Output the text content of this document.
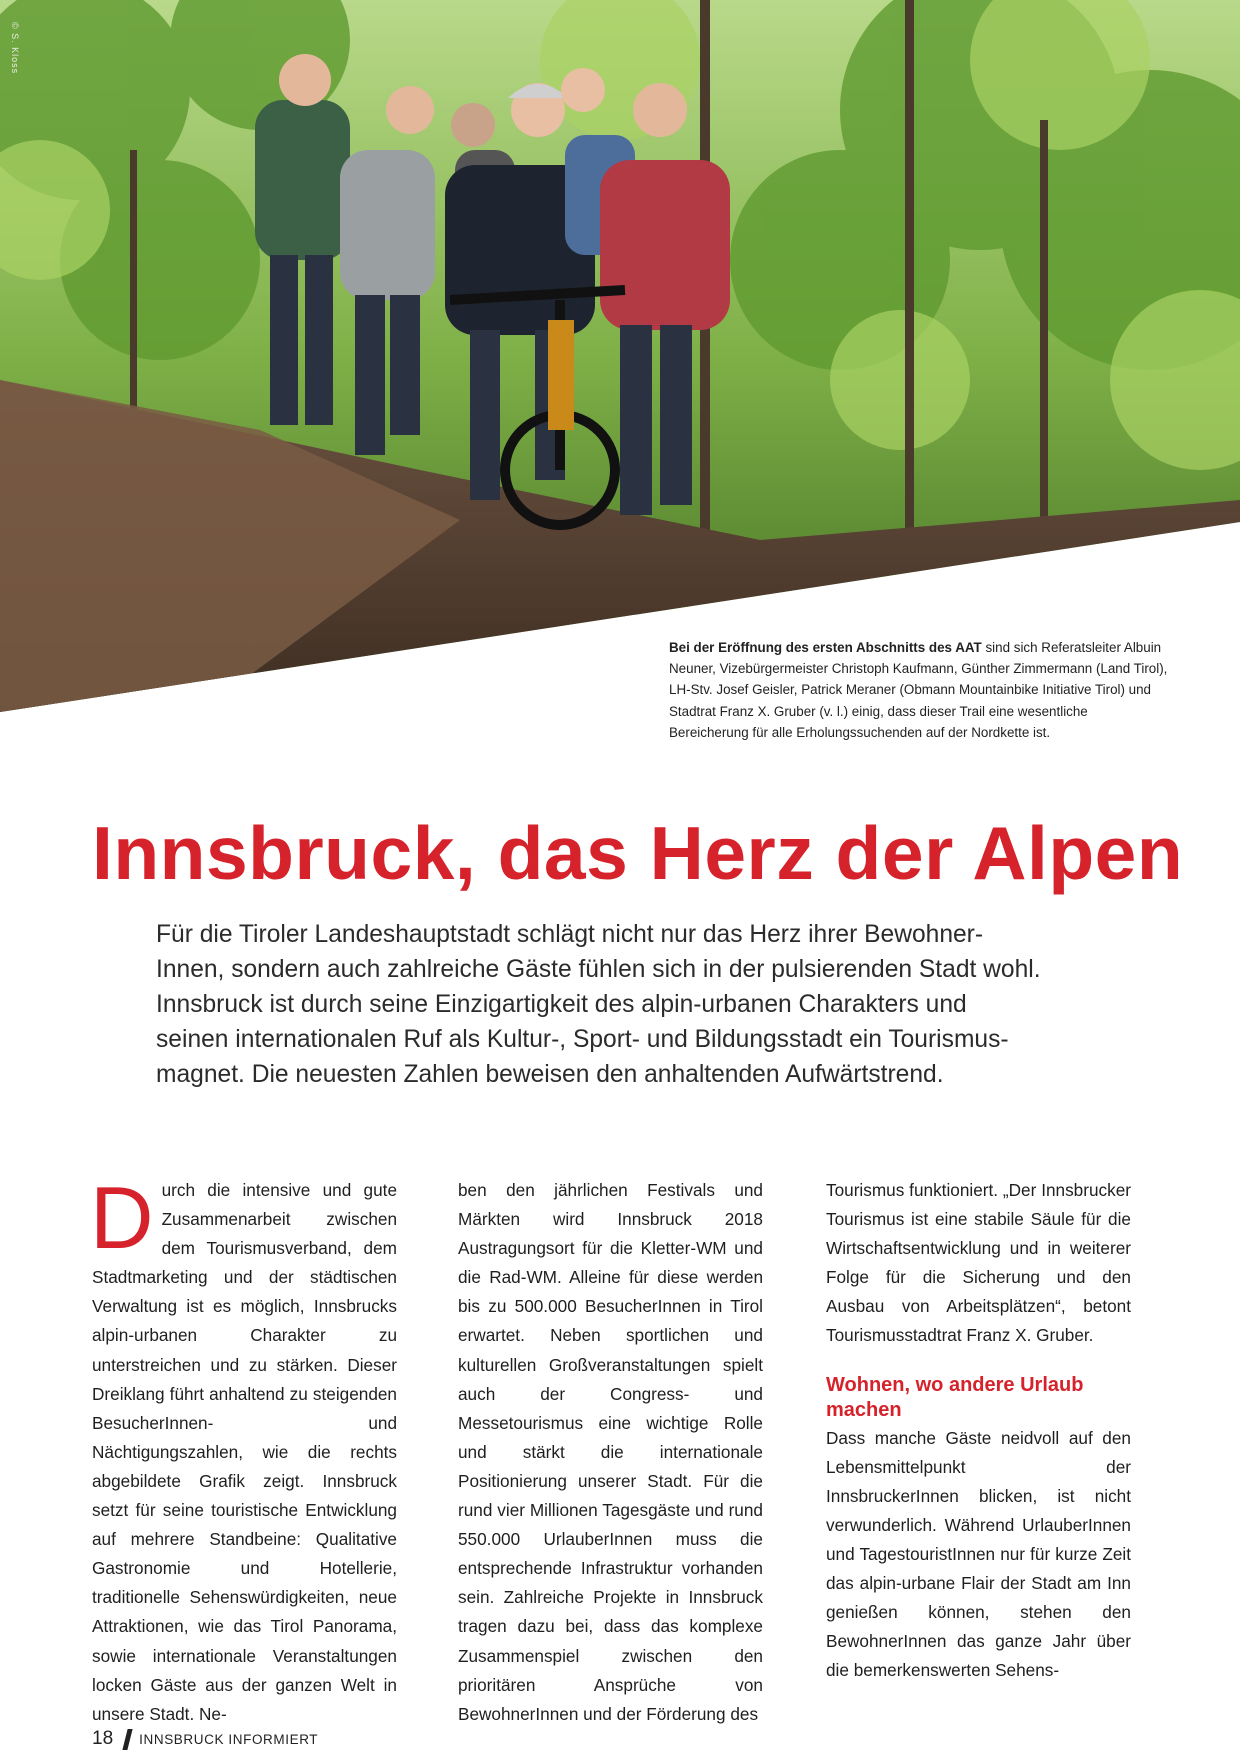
© S. Kloss
Bei der Eröffnung des ersten Abschnitts des AAT sind sich Referatsleiter Albuin Neuner, Vizebürgermeister Christoph Kaufmann, Günther Zimmermann (Land Tirol), LH-Stv. Josef Geisler, Patrick Meraner (Obmann Mountainbike Initiative Tirol) und Stadtrat Franz X. Gruber (v. l.) einig, dass dieser Trail eine wesentliche Bereicherung für alle Erholungssuchenden auf der Nordkette ist.
Innsbruck, das Herz der Alpen

Für die Tiroler Landeshauptstadt schlägt nicht nur das Herz ihrer Bewohner-
Innen, sondern auch zahlreiche Gäste fühlen sich in der pulsierenden Stadt wohl.
Innsbruck ist durch seine Einzigartigkeit des alpin-urbanen Charakters und
seinen internationalen Ruf als Kultur-, Sport- und Bildungsstadt ein Tourismus-
magnet. Die neuesten Zahlen beweisen den anhaltenden Aufwärtstrend.

Durch die intensive und gute Zusammenarbeit zwischen dem Tourismusverband, dem Stadtmarketing und der städtischen Verwaltung ist es möglich, Innsbrucks alpin-urbanen Charakter zu unterstreichen und zu stärken. Dieser Dreiklang führt anhaltend zu steigenden BesucherInnen- und Nächtigungszahlen, wie die rechts abgebildete Grafik zeigt. Innsbruck setzt für seine touristische Entwicklung auf mehrere Standbeine: Qualitative Gastronomie und Hotellerie, traditionelle Sehenswürdigkeiten, neue Attraktionen, wie das Tirol Panorama, sowie internationale Veranstaltungen locken Gäste aus der ganzen Welt in unsere Stadt. Ne-

ben den jährlichen Festivals und Märkten wird Innsbruck 2018 Austragungsort für die Kletter-WM und die Rad-WM. Alleine für diese werden bis zu 500.000 BesucherInnen in Tirol erwartet. Neben sportlichen und kulturellen Großveranstaltungen spielt auch der Congress- und Messetourismus eine wichtige Rolle und stärkt die internationale Positionierung unserer Stadt. Für die rund vier Millionen Tagesgäste und rund 550.000 UrlauberInnen muss die entsprechende Infrastruktur vorhanden sein. Zahlreiche Projekte in Innsbruck tragen dazu bei, dass das komplexe Zusammenspiel zwischen den prioritären Ansprüche von BewohnerInnen und der Förderung des

Tourismus funktioniert. „Der Innsbrucker Tourismus ist eine stabile Säule für die Wirtschaftsentwicklung und in weiterer Folge für die Sicherung und den Ausbau von Arbeitsplätzen“, betont Tourismusstadtrat Franz X. Gruber.

Wohnen, wo andere Urlaub machen

Dass manche Gäste neidvoll auf den Lebensmittelpunkt der InnsbruckerInnen blicken, ist nicht verwunderlich. Während UrlauberInnen und TagestouristInnen nur für kurze Zeit das alpin-urbane Flair der Stadt am Inn genießen können, stehen den BewohnerInnen das ganze Jahr über die bemerkenswerten Sehens-

18 INNSBRUCK INFORMIERT
